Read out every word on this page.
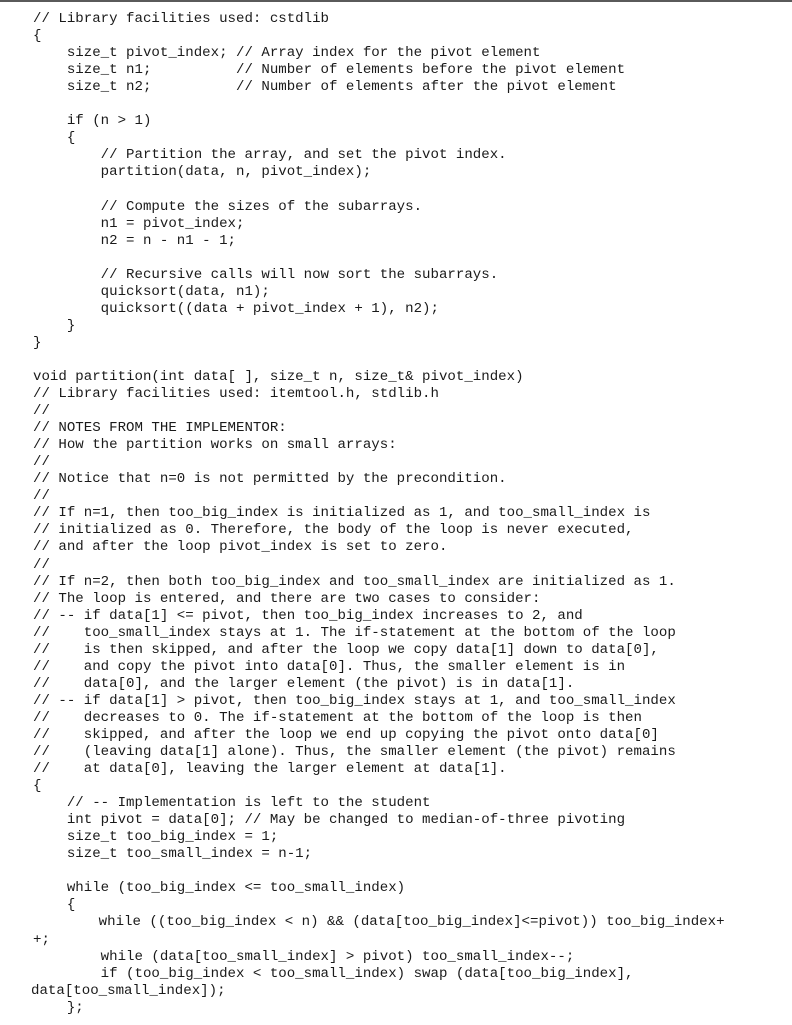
// Library facilities used: cstdlib
{
size_t pivot_index; // Array index for the pivot element
size_t n1;          // Number of elements before the pivot element
size_t n2;          // Number of elements after the pivot element
if (n > 1)
{
// Partition the array, and set the pivot index.
partition(data, n, pivot_index);
// Compute the sizes of the subarrays.
n1 = pivot_index;
n2 = n - n1 - 1;
// Recursive calls will now sort the subarrays.
quicksort(data, n1);
quicksort((data + pivot_index + 1), n2);
}
}
void partition(int data[ ], size_t n, size_t& pivot_index)
// Library facilities used: itemtool.h, stdlib.h
//
// NOTES FROM THE IMPLEMENTOR:
// How the partition works on small arrays:
//
// Notice that n=0 is not permitted by the precondition.
//
// If n=1, then too_big_index is initialized as 1, and too_small_index is
// initialized as 0. Therefore, the body of the loop is never executed,
// and after the loop pivot_index is set to zero.
//
// If n=2, then both too_big_index and too_small_index are initialized as 1.
// The loop is entered, and there are two cases to consider:
// -- if data[1] <= pivot, then too_big_index increases to 2, and
//    too_small_index stays at 1. The if-statement at the bottom of the loop
//    is then skipped, and after the loop we copy data[1] down to data[0],
//    and copy the pivot into data[0]. Thus, the smaller element is in
//    data[0], and the larger element (the pivot) is in data[1].
// -- if data[1] > pivot, then too_big_index stays at 1, and too_small_index
//    decreases to 0. The if-statement at the bottom of the loop is then
//    skipped, and after the loop we end up copying the pivot onto data[0]
//    (leaving data[1] alone). Thus, the smaller element (the pivot) remains
//    at data[0], leaving the larger element at data[1].
{
// -- Implementation is left to the student
int pivot = data[0]; // May be changed to median-of-three pivoting
size_t too_big_index = 1;
size_t too_small_index = n-1;
while (too_big_index <= too_small_index)
{
while ((too_big_index < n) && (data[too_big_index]<=pivot)) too_big_index+
+;
while (data[too_small_index] > pivot) too_small_index--;
if (too_big_index < too_small_index) swap (data[too_big_index],
data[too_small_index]);
};
